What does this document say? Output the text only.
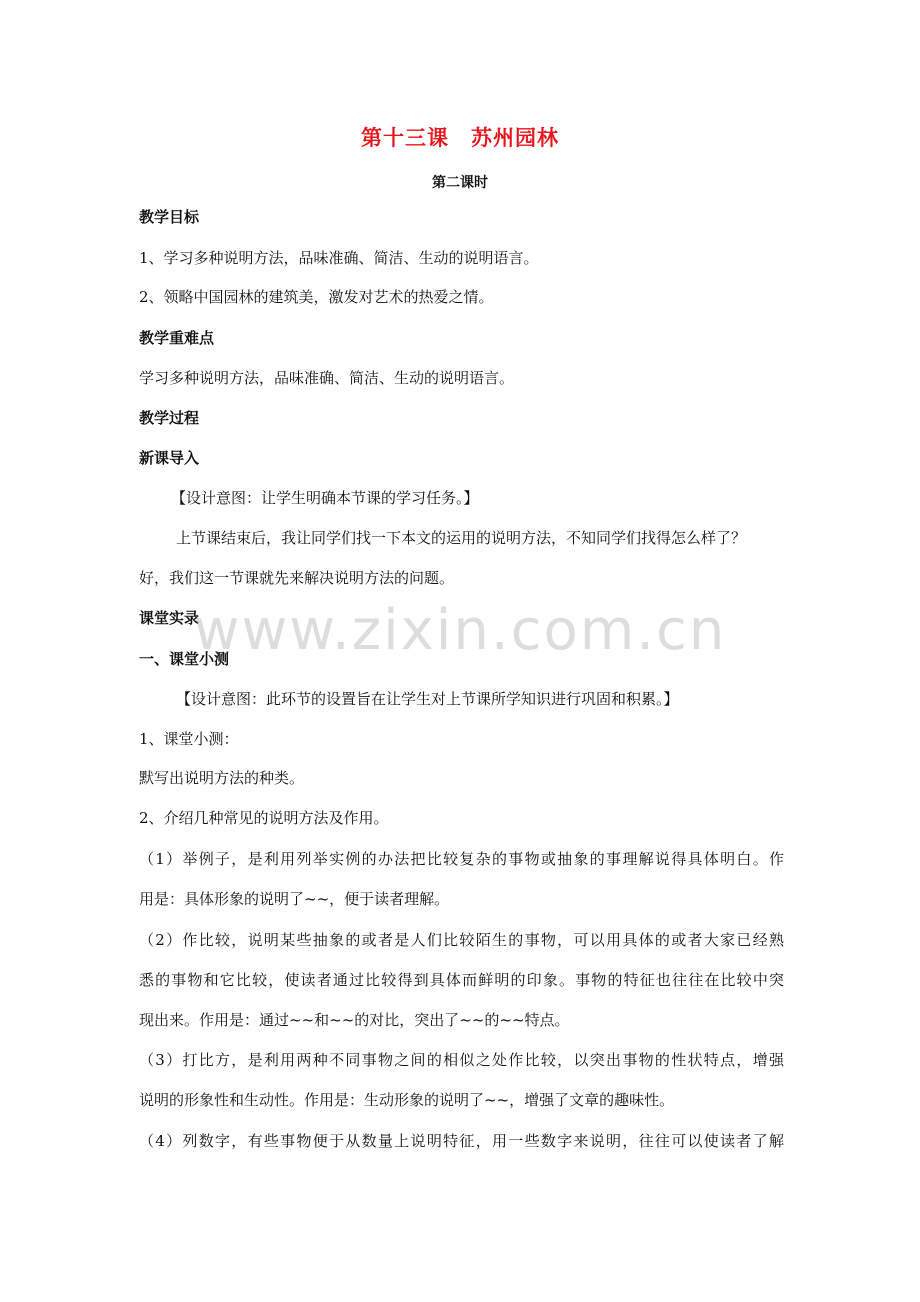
第十三课　苏州园林
第二课时
教学目标
1、学习多种说明方法，品味准确、简洁、生动的说明语言。
2、领略中国园林的建筑美，激发对艺术的热爱之情。
教学重难点
学习多种说明方法，品味准确、简洁、生动的说明语言。
教学过程
新课导入
【设计意图：让学生明确本节课的学习任务。】
上节课结束后，我让同学们找一下本文的运用的说明方法，不知同学们找得怎么样了？
好，我们这一节课就先来解决说明方法的问题。
课堂实录
一、课堂小测
【设计意图：此环节的设置旨在让学生对上节课所学知识进行巩固和积累。】
1、课堂小测：
默写出说明方法的种类。
2、介绍几种常见的说明方法及作用。
（1）举例子，是利用列举实例的办法把比较复杂的事物或抽象的事理解说得具体明白。作
用是：具体形象的说明了~~，便于读者理解。
（2）作比较，说明某些抽象的或者是人们比较陌生的事物，可以用具体的或者大家已经熟
悉的事物和它比较，使读者通过比较得到具体而鲜明的印象。事物的特征也往往在比较中突
现出来。作用是：通过~~和~~的对比，突出了~~的~~特点。
（3）打比方，是利用两种不同事物之间的相似之处作比较，以突出事物的性状特点，增强
说明的形象性和生动性。作用是：生动形象的说明了~~，增强了文章的趣味性。
（4）列数字，有些事物便于从数量上说明特征，用一些数字来说明，往往可以使读者了解
www.zixin.com.cn
